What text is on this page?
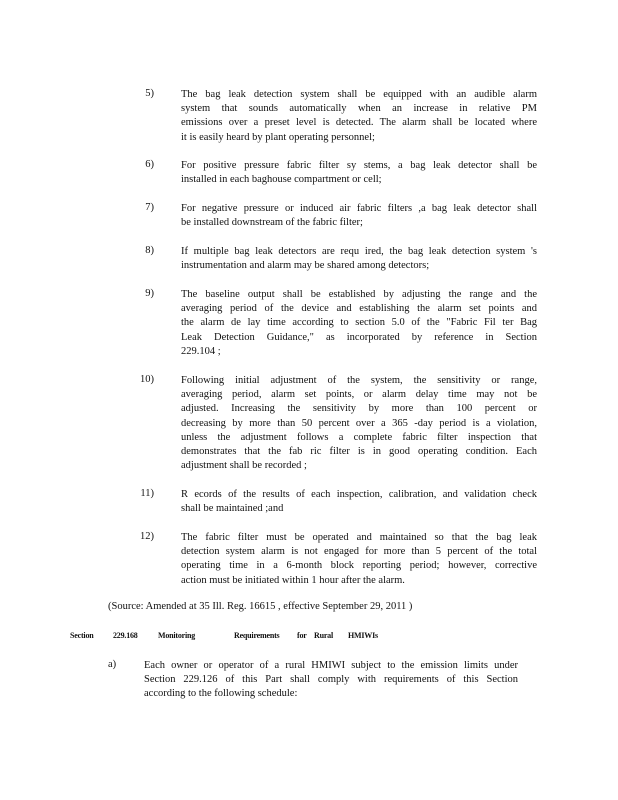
5)	The bag leak detection system shall be equipped with an audible alarm
system that sounds automatically when an increase in relative PM
emissions over a preset level is detected. The alarm shall be located where
it is easily heard by plant operating personnel;
6)	For positive pressure fabric filter sy stems, a bag leak detector shall be
installed in each baghouse compartment or cell;
7)	For negative pressure or induced air fabric filters ,a bag leak detector shall
be installed downstream of the fabric filter;
8)	If multiple bag leak detectors are requ ired, the bag leak detection system 's
instrumentation and alarm may be shared among detectors;
9)	The baseline output shall be established by adjusting the range and the
averaging period of the device and establishing the alarm set points and
the alarm de lay time according to section 5.0 of the "Fabric Fil ter Bag
Leak Detection Guidance," as incorporated by reference in Section
229.104 ;
10)	Following initial adjustment of the system, the sensitivity or range,
averaging period, alarm set points, or alarm delay time may not be
adjusted. Increasing the sensitivity by more than 100 percent or
decreasing by more than 50 percent over a 365 -day period is a violation,
unless the adjustment follows a complete fabric filter inspection that
demonstrates that the fab ric filter is in good operating condition. Each
adjustment shall be recorded ;
11)	R ecords of the results of each inspection, calibration, and validation check
shall be maintained ;and
12)	The fabric filter must be operated and maintained so that the bag leak
detection system alarm is not engaged for more than 5 percent of the total
operating time in a 6-month block reporting period; however, corrective
action must be initiated within 1 hour after the alarm.
(Source: Amended at 35 Ill. Reg. 16615 , effective September 29, 2011 )
Section 229.168	Monitoring	Requirements for Rural HMIWIs
a)	Each owner or operator of a rural HMIWI subject to the emission limits under
Section 229.126 of this Part shall comply with requirements of this Section
according to the following schedule:
